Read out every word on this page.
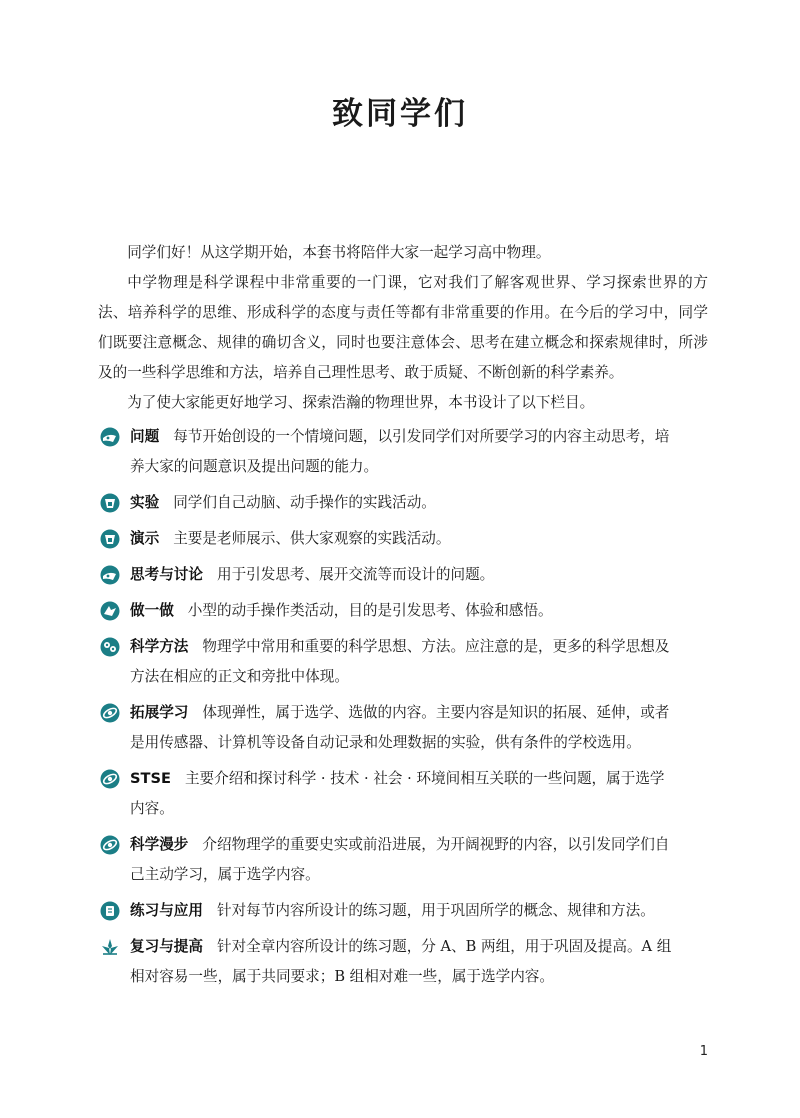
致同学们

同学们好！从这学期开始，本套书将陪伴大家一起学习高中物理。

中学物理是科学课程中非常重要的一门课，它对我们了解客观世界、学习探索世界的方法、培养科学的思维、形成科学的态度与责任等都有非常重要的作用。在今后的学习中，同学们既要注意概念、规律的确切含义，同时也要注意体会、思考在建立概念和探索规律时，所涉及的一些科学思维和方法，培养自己理性思考、敢于质疑、不断创新的科学素养。

为了使大家能更好地学习、探索浩瀚的物理世界，本书设计了以下栏目。

问题 每节开始创设的一个情境问题，以引发同学们对所要学习的内容主动思考，培
养大家的问题意识及提出问题的能力。
实验 同学们自己动脑、动手操作的实践活动。
演示 主要是老师展示、供大家观察的实践活动。
思考与讨论 用于引发思考、展开交流等而设计的问题。
做一做 小型的动手操作类活动，目的是引发思考、体验和感悟。
科学方法 物理学中常用和重要的科学思想、方法。应注意的是，更多的科学思想及
方法在相应的正文和旁批中体现。
拓展学习 体现弹性，属于选学、选做的内容。主要内容是知识的拓展、延伸，或者
是用传感器、计算机等设备自动记录和处理数据的实验，供有条件的学校选用。
STSE 主要介绍和探讨科学 · 技术 · 社会 · 环境间相互关联的一些问题，属于选学
内容。
科学漫步 介绍物理学的重要史实或前沿进展，为开阔视野的内容，以引发同学们自
己主动学习，属于选学内容。
练习与应用 针对每节内容所设计的练习题，用于巩固所学的概念、规律和方法。
复习与提高 针对全章内容所设计的练习题，分 A、B 两组，用于巩固及提高。A 组
相对容易一些，属于共同要求；B 组相对难一些，属于选学内容。
1
